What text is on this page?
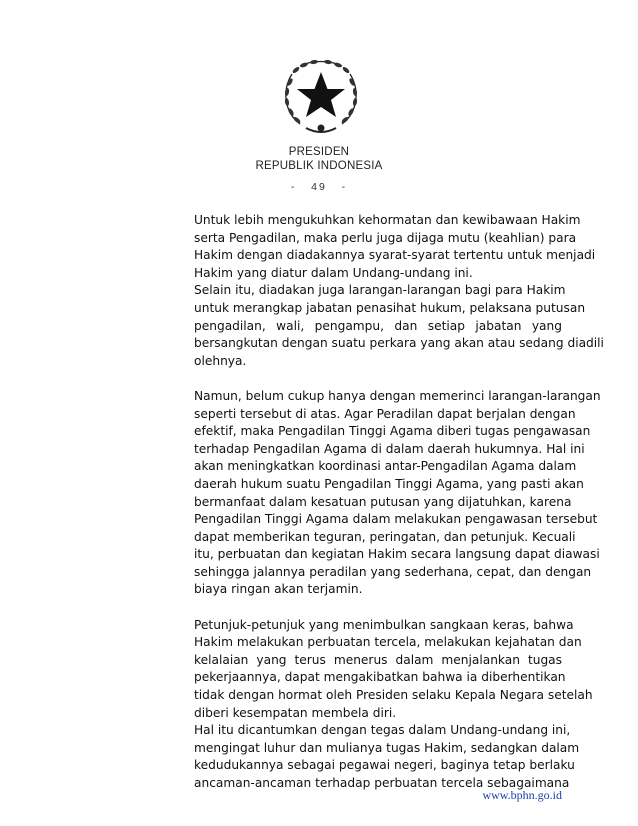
PRESIDEN
REPUBLIK INDONESIA
-   49   -
Untuk lebih mengukuhkan kehormatan dan kewibawaan Hakim
serta Pengadilan, maka perlu juga dijaga mutu (keahlian) para
Hakim dengan diadakannya syarat-syarat tertentu untuk menjadi
Hakim yang diatur dalam Undang-undang ini.
Selain itu, diadakan juga larangan-larangan bagi para Hakim
untuk merangkap jabatan penasihat hukum, pelaksana putusan
pengadilan, wali, pengampu, dan setiap jabatan yang
bersangkutan dengan suatu perkara yang akan atau sedang diadili
olehnya.
Namun, belum cukup hanya dengan memerinci larangan-larangan
seperti tersebut di atas. Agar Peradilan dapat berjalan dengan
efektif, maka Pengadilan Tinggi Agama diberi tugas pengawasan
terhadap Pengadilan Agama di dalam daerah hukumnya. Hal ini
akan meningkatkan koordinasi antar-Pengadilan Agama dalam
daerah hukum suatu Pengadilan Tinggi Agama, yang pasti akan
bermanfaat dalam kesatuan putusan yang dijatuhkan, karena
Pengadilan Tinggi Agama dalam melakukan pengawasan tersebut
dapat memberikan teguran, peringatan, dan petunjuk. Kecuali
itu, perbuatan dan kegiatan Hakim secara langsung dapat diawasi
sehingga jalannya peradilan yang sederhana, cepat, dan dengan
biaya ringan akan terjamin.
Petunjuk-petunjuk yang menimbulkan sangkaan keras, bahwa
Hakim melakukan perbuatan tercela, melakukan kejahatan dan
kelalaian yang terus menerus dalam menjalankan tugas
pekerjaannya, dapat mengakibatkan bahwa ia diberhentikan
tidak dengan hormat oleh Presiden selaku Kepala Negara setelah
diberi kesempatan membela diri.
Hal itu dicantumkan dengan tegas dalam Undang-undang ini,
mengingat luhur dan mulianya tugas Hakim, sedangkan dalam
kedudukannya sebagai pegawai negeri, baginya tetap berlaku
ancaman-ancaman terhadap perbuatan tercela sebagaimana
www.bphn.go.id
